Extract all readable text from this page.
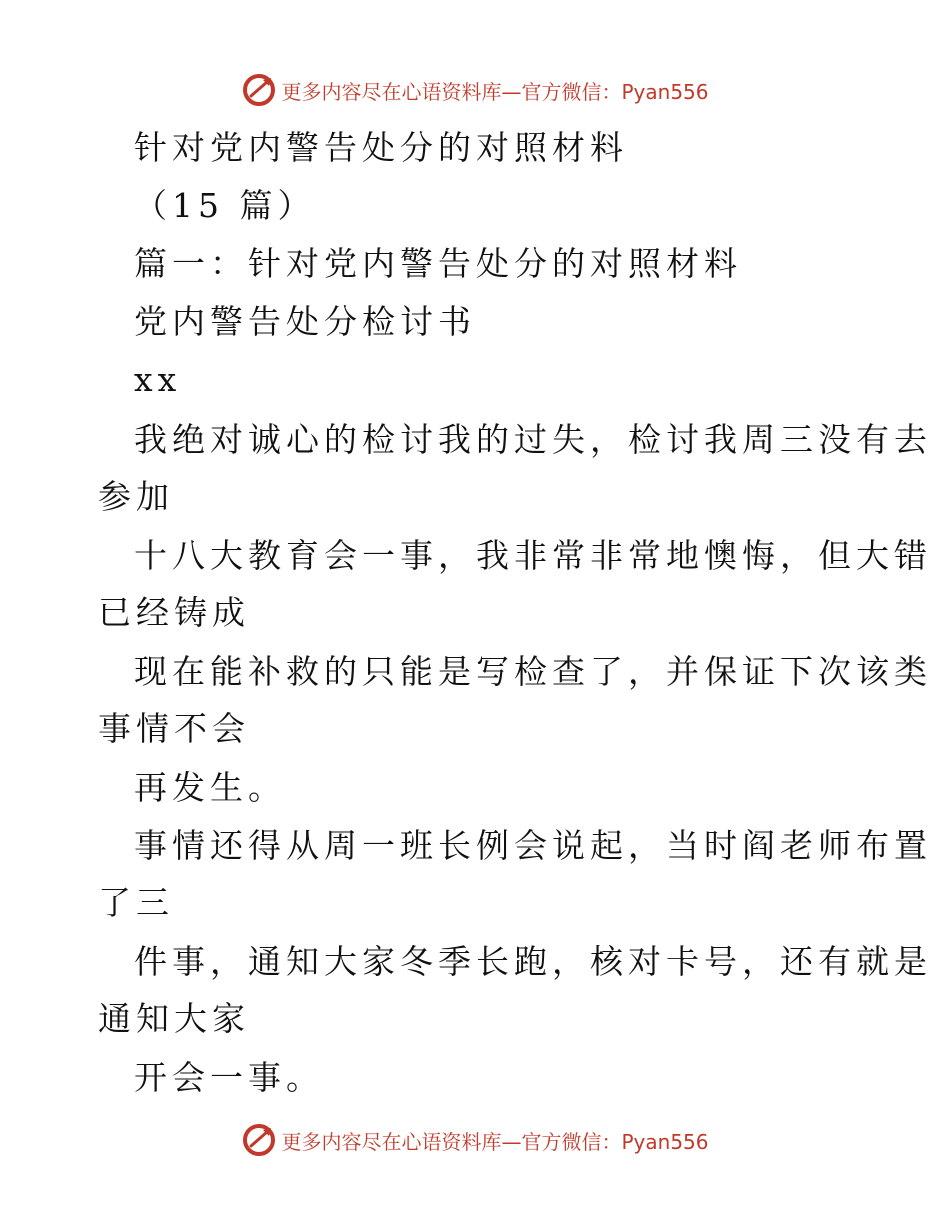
更多内容尽在心语资料库—官方微信：Pyan556
针对党内警告处分的对照材料
（15 篇）
篇一：针对党内警告处分的对照材料
党内警告处分检讨书
xx
我绝对诚心的检讨我的过失，检讨我周三没有去
参加
十八大教育会一事，我非常非常地懊悔，但大错
已经铸成
现在能补救的只能是写检查了，并保证下次该类
事情不会
再发生。
事情还得从周一班长例会说起，当时阎老师布置
了三
件事，通知大家冬季长跑，核对卡号，还有就是
通知大家
开会一事。
更多内容尽在心语资料库—官方微信：Pyan556
